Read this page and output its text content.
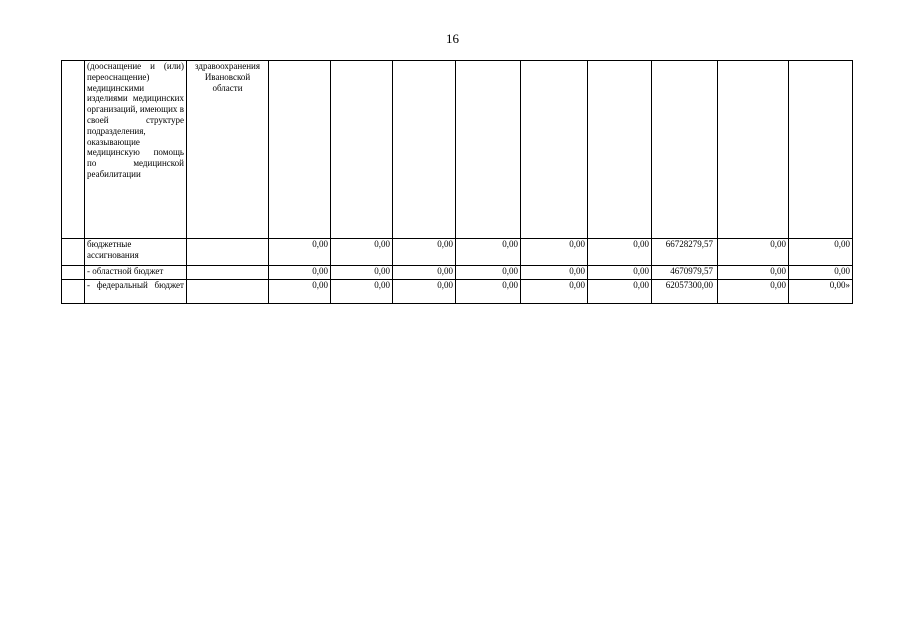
16

	(дооснащение и (или) переоснащение) медицинскими изделиями медицинских организаций, имеющих в своей структуре подразделения, оказывающие медицинскую помощь по медицинской реабилитации	здравоохранения Ивановской области									

	бюджетные ассигнования		0,00	0,00	0,00	0,00	0,00	0,00	66728279,57	0,00	0,00
	- областной бюджет		0,00	0,00	0,00	0,00	0,00	0,00	4670979,57	0,00	0,00
	- федеральный бюджет		0,00	0,00	0,00	0,00	0,00	0,00	62057300,00	0,00	0,00»
